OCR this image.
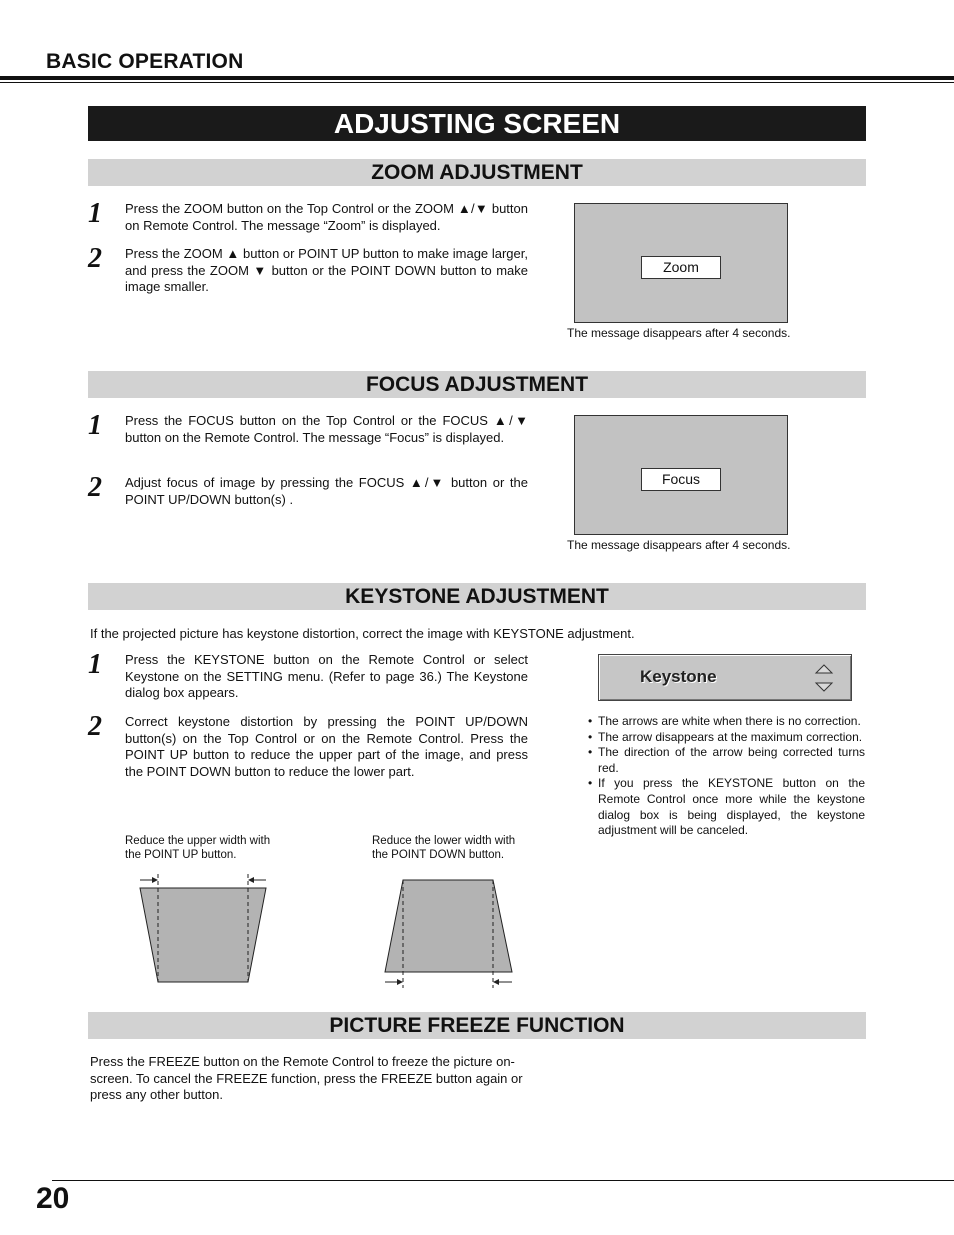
BASIC OPERATION
ADJUSTING SCREEN
ZOOM ADJUSTMENT
1 Press the ZOOM button on the Top Control or the ZOOM ▲/▼ button on Remote Control. The message “Zoom” is displayed.
2 Press the ZOOM ▲ button or POINT UP button to make image larger, and press the ZOOM ▼ button or the POINT DOWN button to make image smaller.
Zoom
The message disappears after 4 seconds.
FOCUS ADJUSTMENT
1 Press the FOCUS button on the Top Control or the FOCUS ▲/▼ button on the Remote Control. The message “Focus” is displayed.
2 Adjust focus of image by pressing the FOCUS ▲/▼ button or the POINT UP/DOWN button(s) .
Focus
The message disappears after 4 seconds.
KEYSTONE ADJUSTMENT
If the projected picture has keystone distortion, correct the image with KEYSTONE adjustment.
1 Press the KEYSTONE button on the Remote Control or select Keystone on the SETTING menu. (Refer to page 36.) The Keystone dialog box appears.
2 Correct keystone distortion by pressing the POINT UP/DOWN button(s) on the Top Control or on the Remote Control. Press the POINT UP button to reduce the upper part of the image, and press the POINT DOWN button to reduce the lower part.
Keystone

• The arrows are white when there is no correction.

• The arrow disappears at the maximum correction.

• The direction of the arrow being corrected turns red.

• If you press the KEYSTONE button on the Remote Control once more while the keystone dialog box is being displayed, the keystone adjustment will be canceled.

Reduce the upper width with the POINT UP button.
Reduce the lower width with the POINT DOWN button.
PICTURE FREEZE FUNCTION
Press the FREEZE button on the Remote Control to freeze the picture on-screen. To cancel the FREEZE function, press the FREEZE button again or press any other button.
20
